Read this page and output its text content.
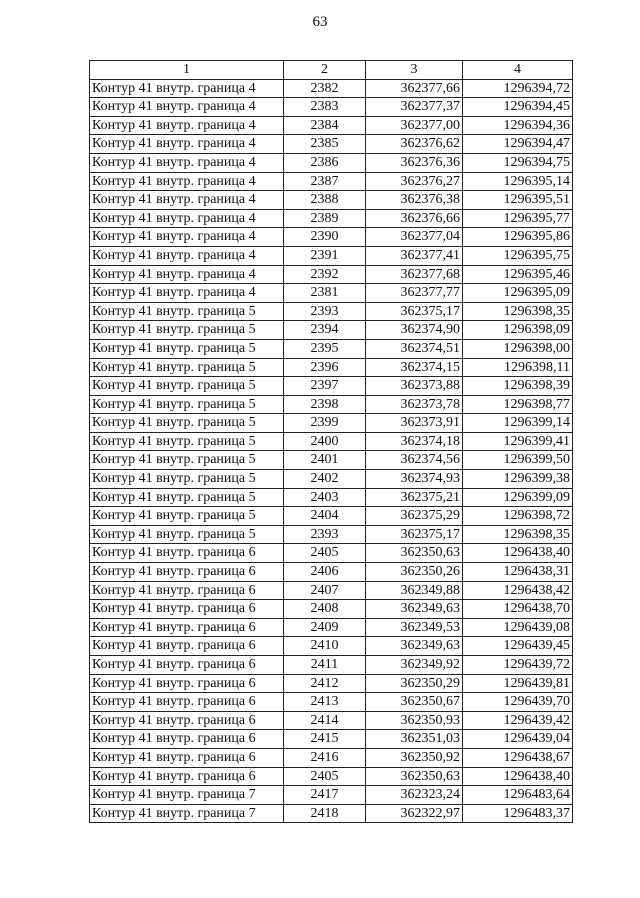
63
1	2	3	4
Контур 41 внутр. граница 4	2382	362377,66	1296394,72
Контур 41 внутр. граница 4	2383	362377,37	1296394,45
Контур 41 внутр. граница 4	2384	362377,00	1296394,36
Контур 41 внутр. граница 4	2385	362376,62	1296394,47
Контур 41 внутр. граница 4	2386	362376,36	1296394,75
Контур 41 внутр. граница 4	2387	362376,27	1296395,14
Контур 41 внутр. граница 4	2388	362376,38	1296395,51
Контур 41 внутр. граница 4	2389	362376,66	1296395,77
Контур 41 внутр. граница 4	2390	362377,04	1296395,86
Контур 41 внутр. граница 4	2391	362377,41	1296395,75
Контур 41 внутр. граница 4	2392	362377,68	1296395,46
Контур 41 внутр. граница 4	2381	362377,77	1296395,09
Контур 41 внутр. граница 5	2393	362375,17	1296398,35
Контур 41 внутр. граница 5	2394	362374,90	1296398,09
Контур 41 внутр. граница 5	2395	362374,51	1296398,00
Контур 41 внутр. граница 5	2396	362374,15	1296398,11
Контур 41 внутр. граница 5	2397	362373,88	1296398,39
Контур 41 внутр. граница 5	2398	362373,78	1296398,77
Контур 41 внутр. граница 5	2399	362373,91	1296399,14
Контур 41 внутр. граница 5	2400	362374,18	1296399,41
Контур 41 внутр. граница 5	2401	362374,56	1296399,50
Контур 41 внутр. граница 5	2402	362374,93	1296399,38
Контур 41 внутр. граница 5	2403	362375,21	1296399,09
Контур 41 внутр. граница 5	2404	362375,29	1296398,72
Контур 41 внутр. граница 5	2393	362375,17	1296398,35
Контур 41 внутр. граница 6	2405	362350,63	1296438,40
Контур 41 внутр. граница 6	2406	362350,26	1296438,31
Контур 41 внутр. граница 6	2407	362349,88	1296438,42
Контур 41 внутр. граница 6	2408	362349,63	1296438,70
Контур 41 внутр. граница 6	2409	362349,53	1296439,08
Контур 41 внутр. граница 6	2410	362349,63	1296439,45
Контур 41 внутр. граница 6	2411	362349,92	1296439,72
Контур 41 внутр. граница 6	2412	362350,29	1296439,81
Контур 41 внутр. граница 6	2413	362350,67	1296439,70
Контур 41 внутр. граница 6	2414	362350,93	1296439,42
Контур 41 внутр. граница 6	2415	362351,03	1296439,04
Контур 41 внутр. граница 6	2416	362350,92	1296438,67
Контур 41 внутр. граница 6	2405	362350,63	1296438,40
Контур 41 внутр. граница 7	2417	362323,24	1296483,64
Контур 41 внутр. граница 7	2418	362322,97	1296483,37
